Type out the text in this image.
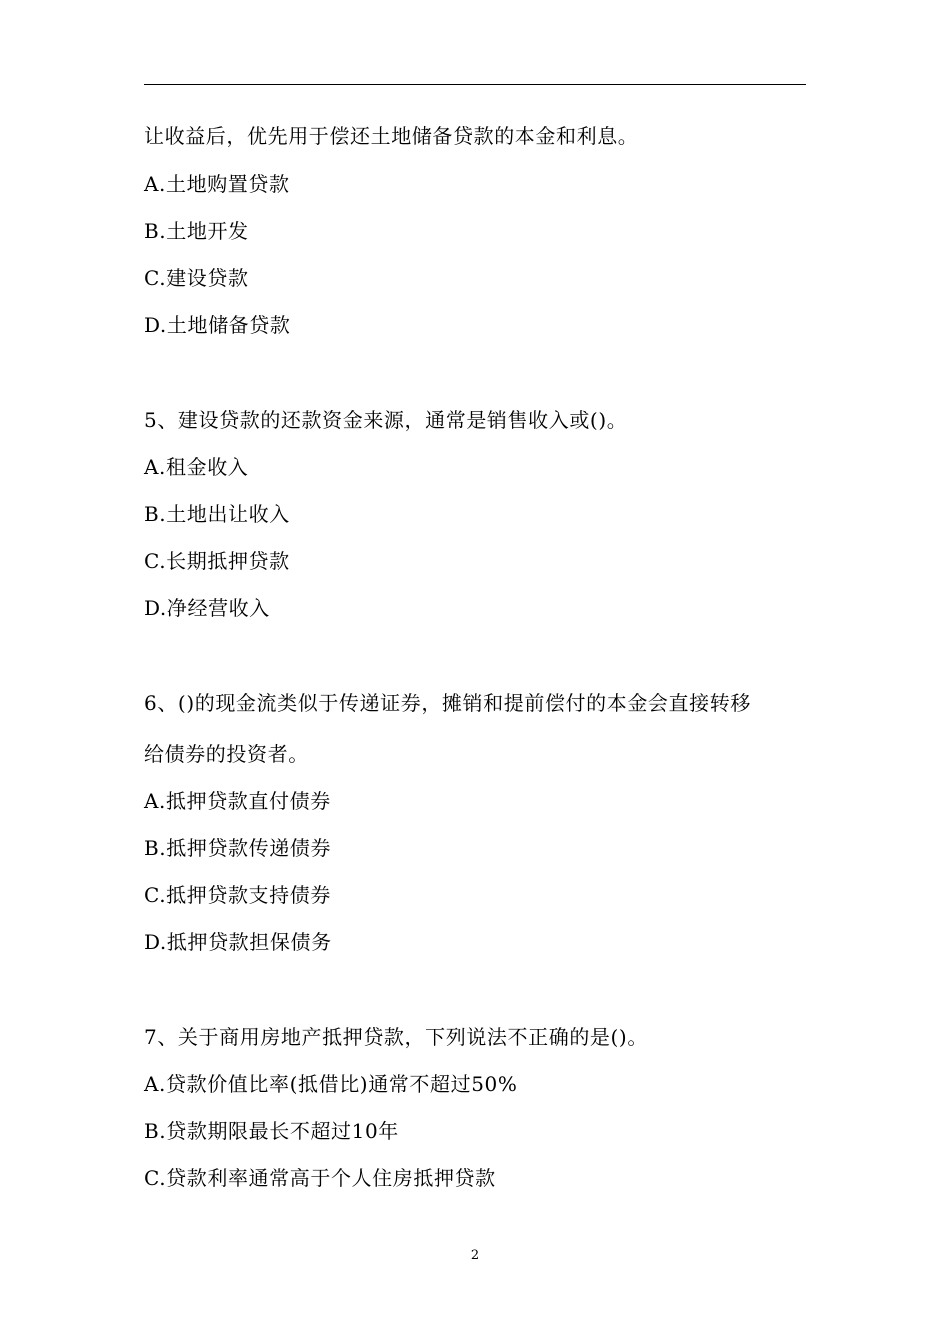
让收益后，优先用于偿还土地储备贷款的本金和利息。
A.土地购置贷款
B.土地开发
C.建设贷款
D.土地储备贷款
5、建设贷款的还款资金来源，通常是销售收入或()。
A.租金收入
B.土地出让收入
C.长期抵押贷款
D.净经营收入
6、()的现金流类似于传递证券，摊销和提前偿付的本金会直接转移
给债券的投资者。
A.抵押贷款直付债券
B.抵押贷款传递债券
C.抵押贷款支持债券
D.抵押贷款担保债务
7、关于商用房地产抵押贷款，下列说法不正确的是()。
A.贷款价值比率(抵借比)通常不超过50%
B.贷款期限最长不超过10年
C.贷款利率通常高于个人住房抵押贷款
2
